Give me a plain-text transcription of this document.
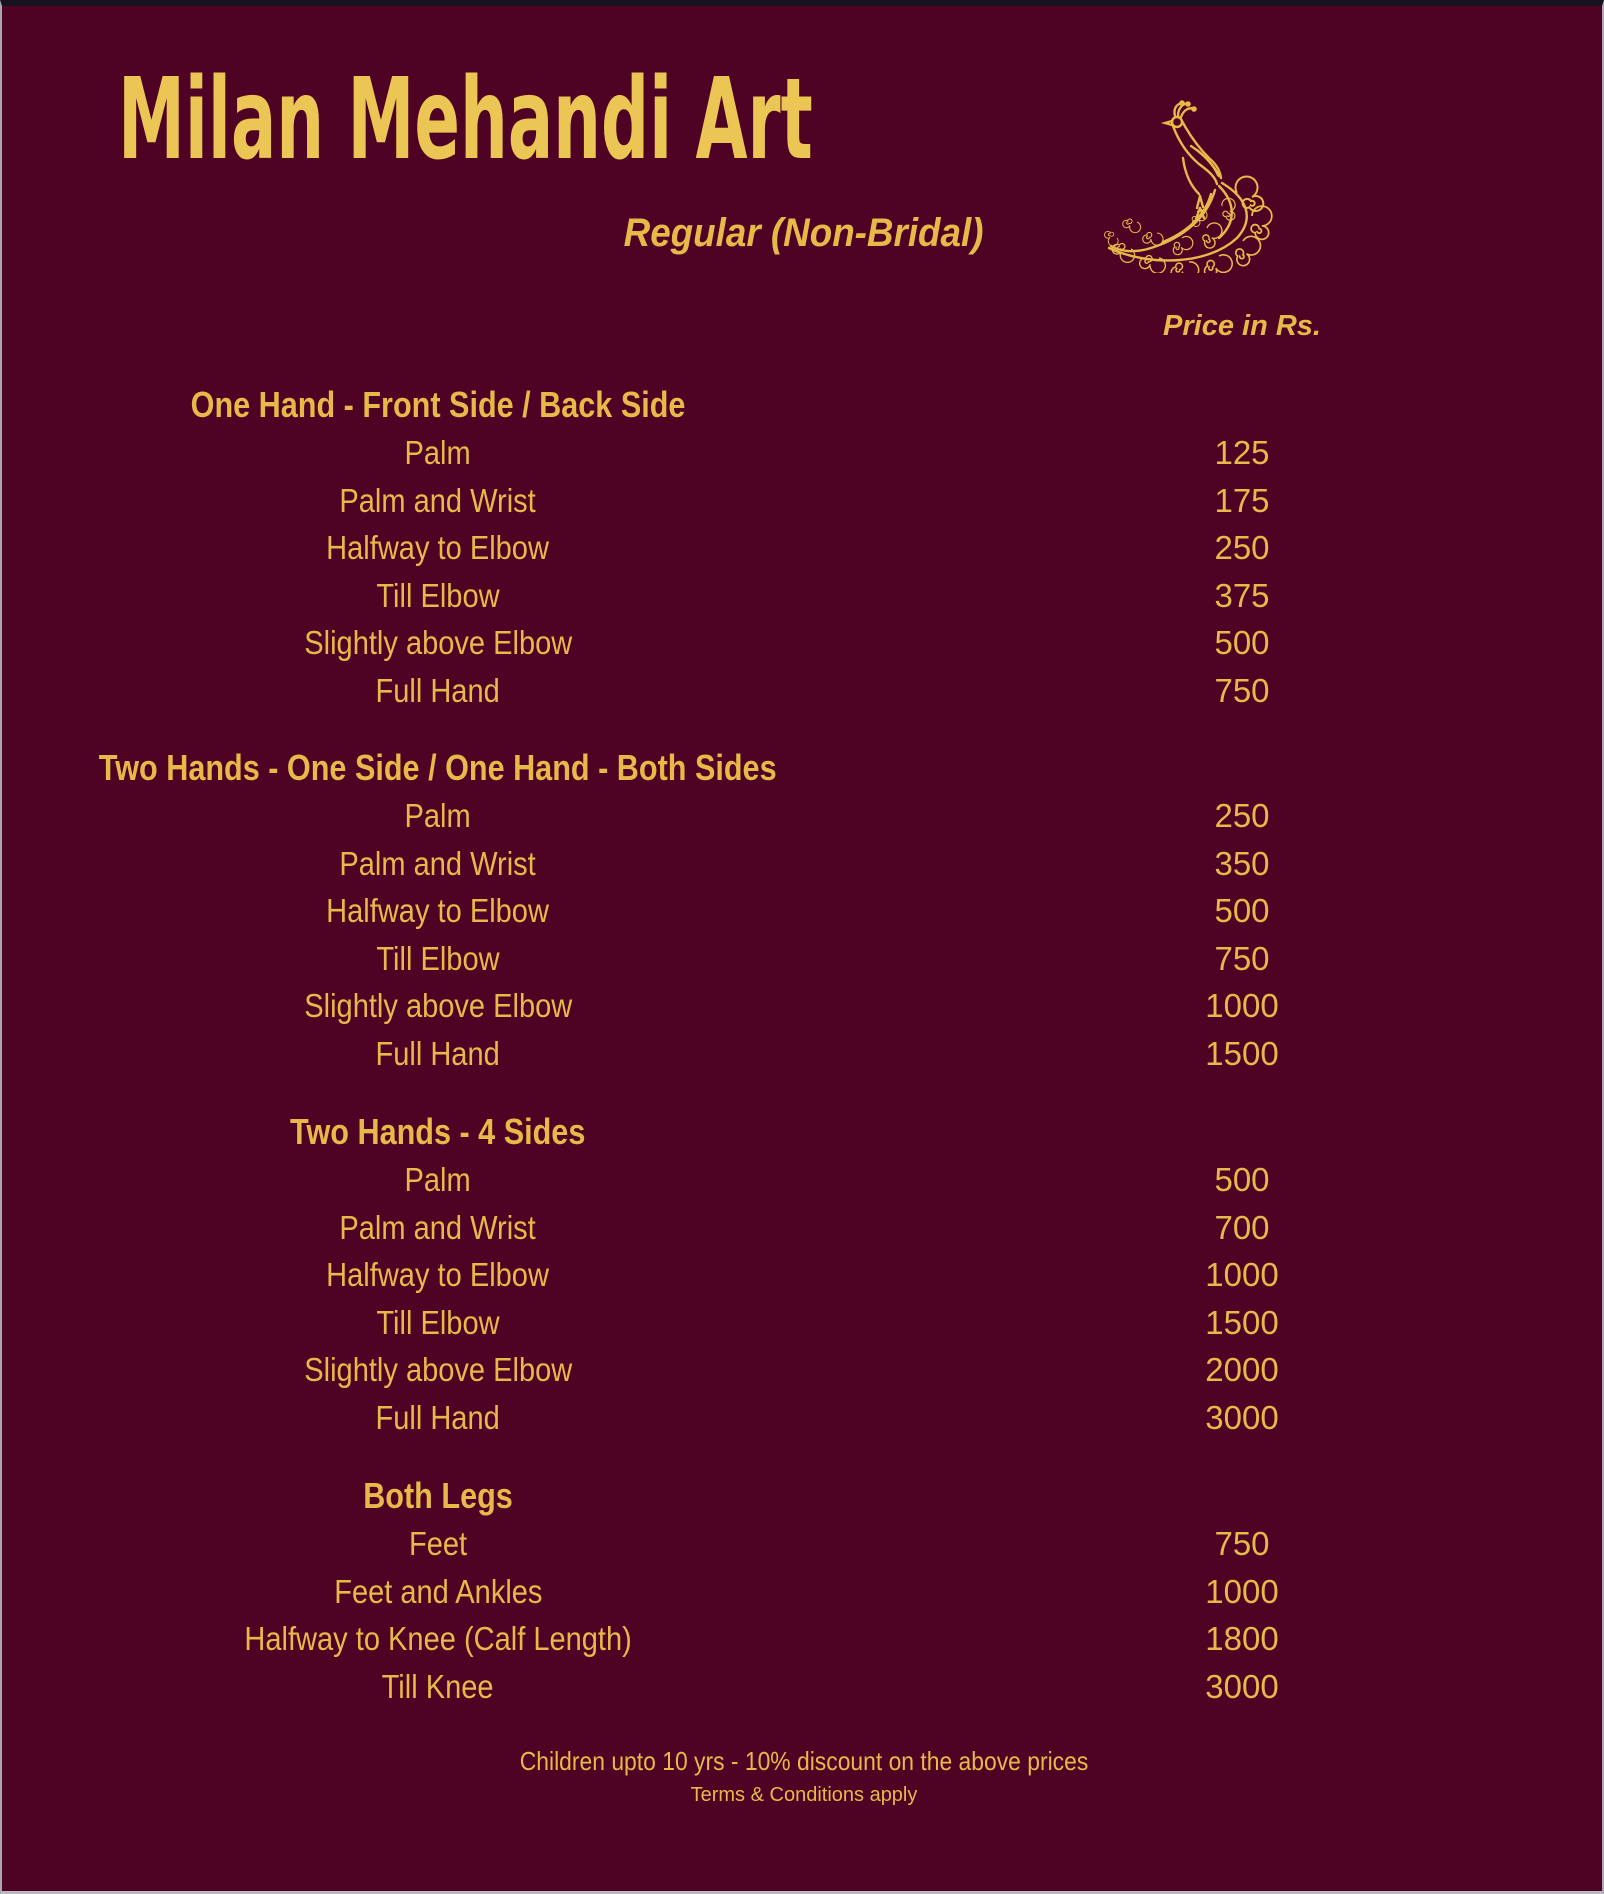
Milan Mehandi Art
Regular (Non-Bridal)
Price in Rs.
One Hand - Front Side / Back Side
Palm	125
Palm and Wrist	175
Halfway to Elbow	250
Till Elbow	375
Slightly above Elbow	500
Full Hand	750
Two Hands - One Side / One Hand - Both Sides
Palm	250
Palm and Wrist	350
Halfway to Elbow	500
Till Elbow	750
Slightly above Elbow	1000
Full Hand	1500
Two Hands - 4 Sides
Palm	500
Palm and Wrist	700
Halfway to Elbow	1000
Till Elbow	1500
Slightly above Elbow	2000
Full Hand	3000
Both Legs
Feet	750
Feet and Ankles	1000
Halfway to Knee (Calf Length)	1800
Till Knee	3000
Children upto 10 yrs - 10% discount on the above prices
Terms & Conditions apply
